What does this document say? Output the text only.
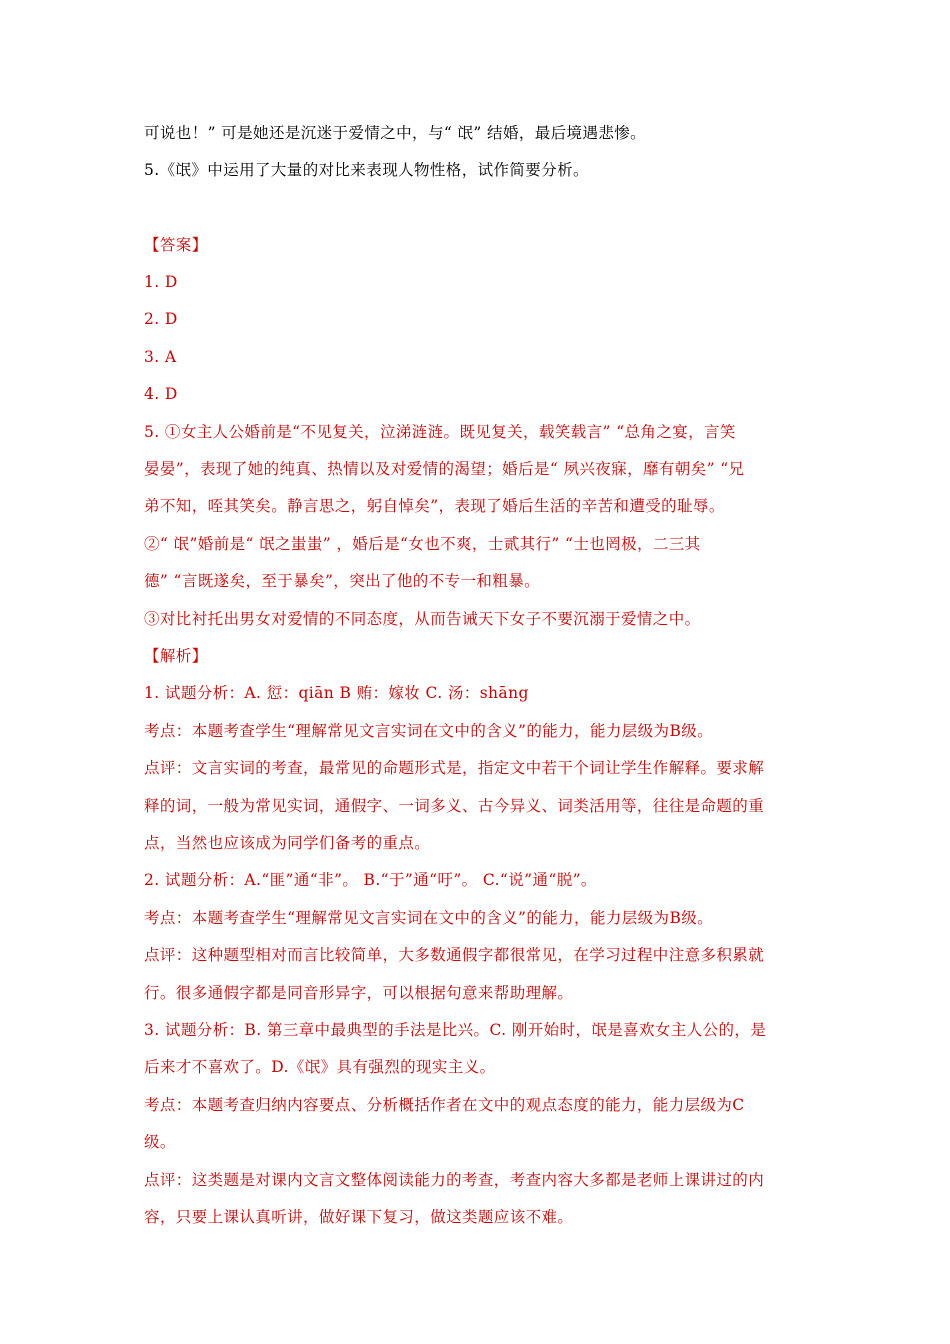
可说也！” 可是她还是沉迷于爱情之中，与“ 氓” 结婚，最后境遇悲惨。
5.《氓》中运用了大量的对比来表现人物性格，试作简要分析。
【答案】
1. D
2. D
3. A
4. D
5. ①女主人公婚前是“不见复关，泣涕涟涟。既见复关，载笑载言” “总角之宴，言笑
晏晏”，表现了她的纯真、热情以及对爱情的渴望；婚后是“ 夙兴夜寐，靡有朝矣” “兄
弟不知，咥其笑矣。静言思之，躬自悼矣”，表现了婚后生活的辛苦和遭受的耻辱。
②“ 氓”婚前是“ 氓之蚩蚩” ，婚后是“女也不爽，士贰其行” “士也罔极，二三其
德” “言既遂矣，至于暴矣”，突出了他的不专一和粗暴。
③对比衬托出男女对爱情的不同态度，从而告诫天下女子不要沉溺于爱情之中。
【解析】
1. 试题分析：A. 愆：qiān B 贿：嫁妆 C. 汤：shāng
考点：本题考查学生“理解常见文言实词在文中的含义”的能力，能力层级为B级。
点评：文言实词的考查，最常见的命题形式是，指定文中若干个词让学生作解释。要求解
释的词，一般为常见实词，通假字、一词多义、古今异义、词类活用等，往往是命题的重
点，当然也应该成为同学们备考的重点。
2. 试题分析：A.“匪”通“非”。 B.“于”通“吁”。 C.“说”通“脱”。
考点：本题考查学生“理解常见文言实词在文中的含义”的能力，能力层级为B级。
点评：这种题型相对而言比较简单，大多数通假字都很常见，在学习过程中注意多积累就
行。很多通假字都是同音形异字，可以根据句意来帮助理解。
3. 试题分析：B. 第三章中最典型的手法是比兴。C. 刚开始时，氓是喜欢女主人公的，是
后来才不喜欢了。D.《氓》具有强烈的现实主义。
考点：本题考查归纳内容要点、分析概括作者在文中的观点态度的能力，能力层级为C
级。
点评：这类题是对课内文言文整体阅读能力的考查，考查内容大多都是老师上课讲过的内
容，只要上课认真听讲，做好课下复习，做这类题应该不难。
